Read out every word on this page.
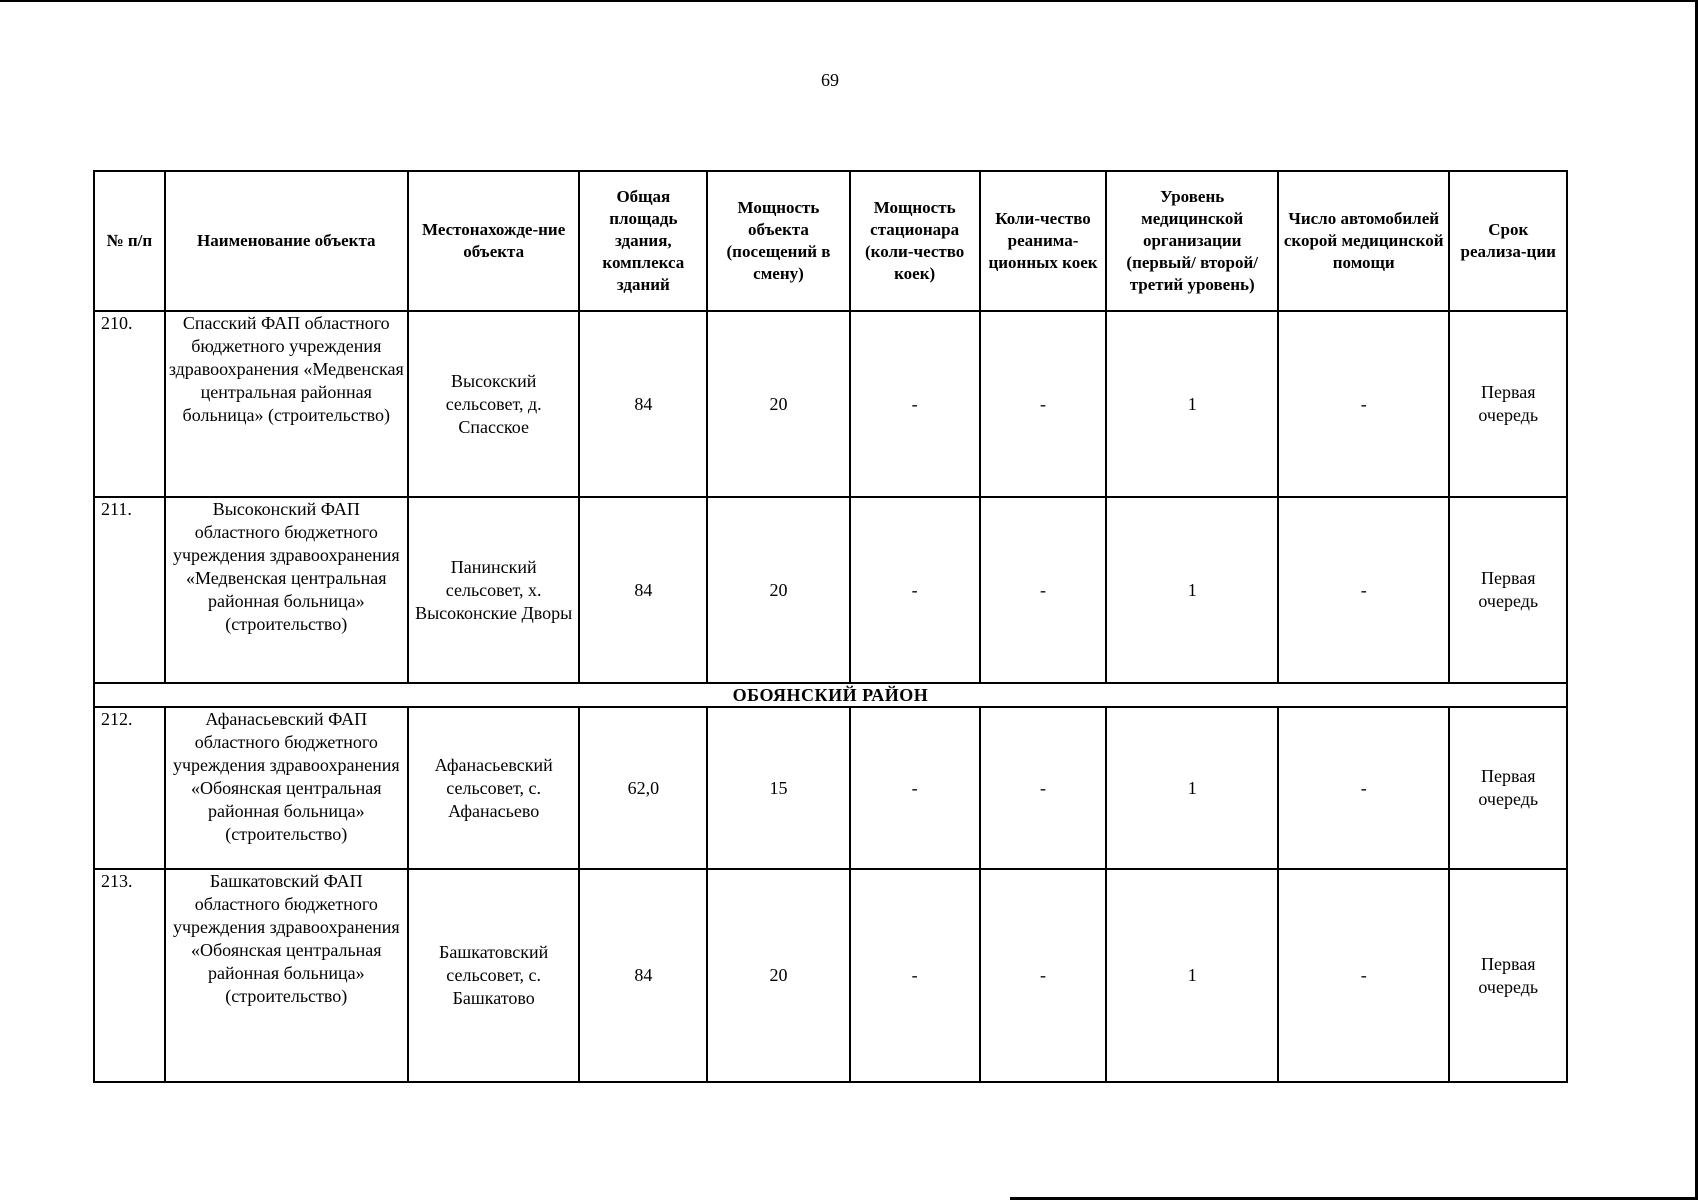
69
№ п/п	Наименование объекта	Местонахожде-ние объекта	Общая площадь здания, комплекса зданий	Мощность объекта (посещений в смену)	Мощность стационара (коли-чество коек)	Коли-чество реанима-ционных коек	Уровень медицинской организации (первый/ второй/ третий уровень)	Число автомобилей скорой медицинской помощи	Срок реализа-ции
210.	Спасский ФАП областного бюджетного учреждения здравоохранения «Медвенская центральная районная больница» (строительство)	Высокский сельсовет, д. Спасское	84	20	-	-	1	-	Первая очередь
211.	Высоконский ФАП областного бюджетного учреждения здравоохранения «Медвенская центральная районная больница» (строительство)	Панинский сельсовет, х. Высоконские Дворы	84	20	-	-	1	-	Первая очередь
ОБОЯНСКИЙ РАЙОН									
212.	Афанасьевский ФАП областного бюджетного учреждения здравоохранения «Обоянская центральная районная больница» (строительство)	Афанасьевский сельсовет, с. Афанасьево	62,0	15	-	-	1	-	Первая очередь
213.	Башкатовский ФАП областного бюджетного учреждения здравоохранения «Обоянская центральная районная больница» (строительство)	Башкатовский сельсовет, с. Башкатово	84	20	-	-	1	-	Первая очередь
